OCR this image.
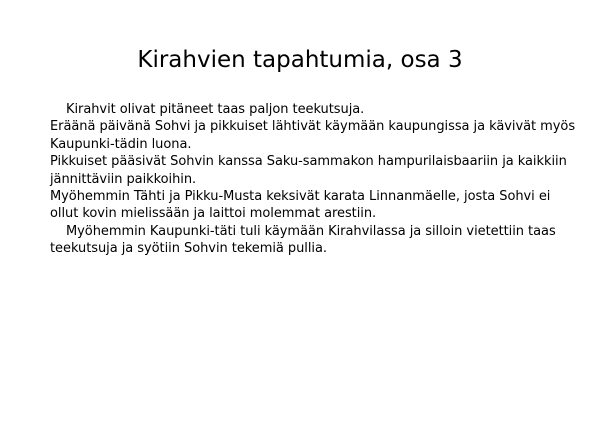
Kirahvien tapahtumia, osa 3
Kirahvit olivat pitäneet taas paljon teekutsuja.
Eräänä päivänä Sohvi ja pikkuiset lähtivät käymään kaupungissa ja kävivät myös
Kaupunki-tädin luona.
Pikkuiset pääsivät Sohvin kanssa Saku-sammakon hampurilaisbaariin ja kaikkiin
jännittäviin paikkoihin.
Myöhemmin Tähti ja Pikku-Musta keksivät karata Linnanmäelle, josta Sohvi ei
ollut kovin mielissään ja laittoi molemmat arestiin.
Myöhemmin Kaupunki-täti tuli käymään Kirahvilassa ja silloin vietettiin taas
teekutsuja ja syötiin Sohvin tekemiä pullia.
